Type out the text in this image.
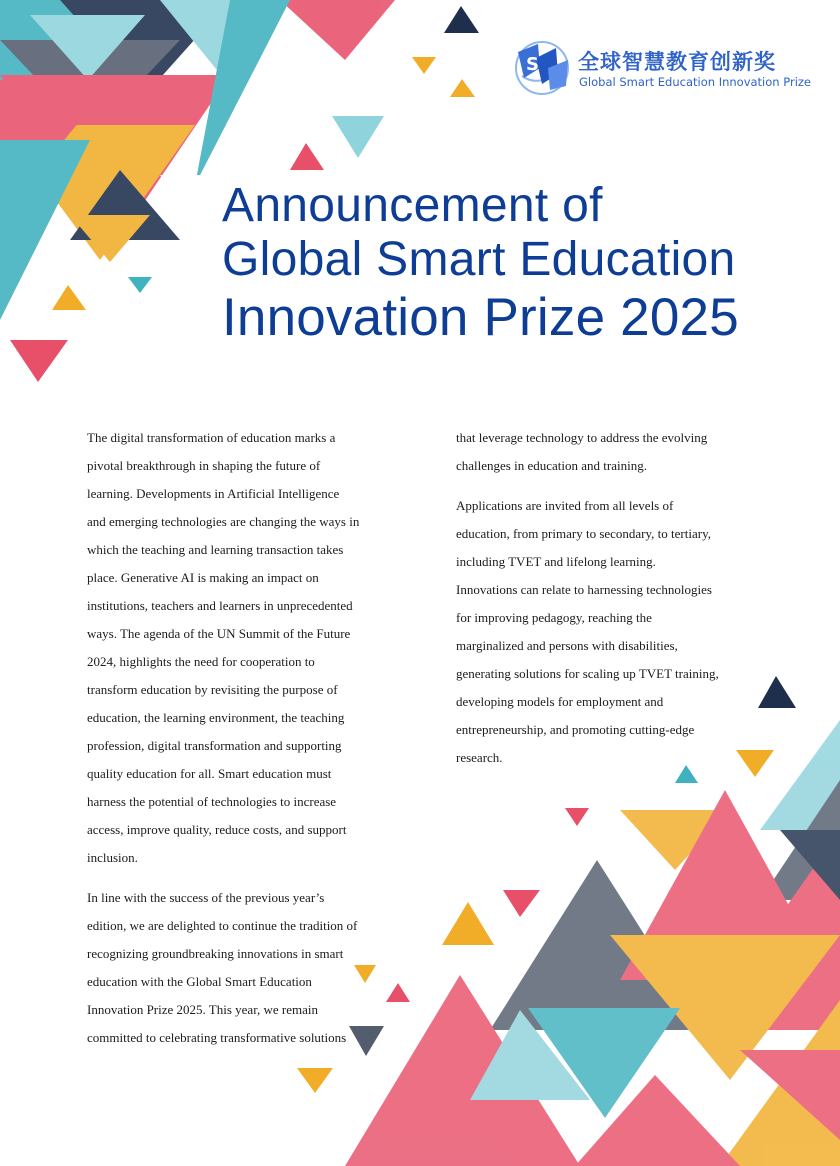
S 全球智慧教育创新奖
Global Smart Education Innovation Prize
Announcement of
Global Smart Education
Innovation Prize 2025

The digital transformation of education marks a
pivotal breakthrough in shaping the future of
learning. Developments in Artificial Intelligence
and emerging technologies are changing the ways in
which the teaching and learning transaction takes
place. Generative AI is making an impact on
institutions, teachers and learners in unprecedented
ways. The agenda of the UN Summit of the Future
2024, highlights the need for cooperation to
transform education by revisiting the purpose of
education, the learning environment, the teaching
profession, digital transformation and supporting
quality education for all. Smart education must
harness the potential of technologies to increase
access, improve quality, reduce costs, and support
inclusion.

In line with the success of the previous year’s
edition, we are delighted to continue the tradition of
recognizing groundbreaking innovations in smart
education with the Global Smart Education
Innovation Prize 2025. This year, we remain
committed to celebrating transformative solutions

that leverage technology to address the evolving
challenges in education and training.

Applications are invited from all levels of
education, from primary to secondary, to tertiary,
including TVET and lifelong learning.
Innovations can relate to harnessing technologies
for improving pedagogy, reaching the
marginalized and persons with disabilities,
generating solutions for scaling up TVET training,
developing models for employment and
entrepreneurship, and promoting cutting-edge
research.
